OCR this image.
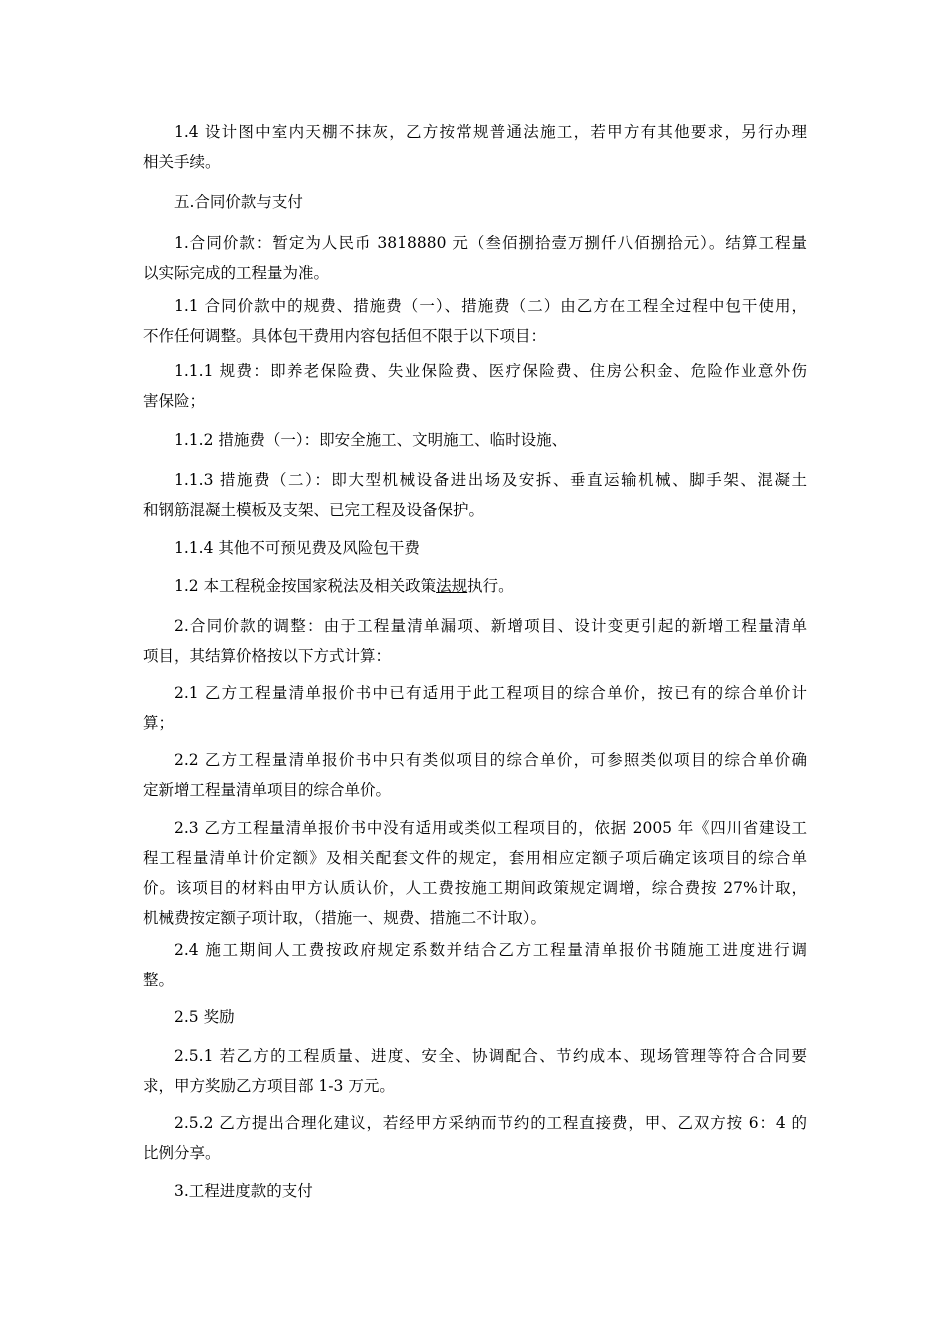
1.4 设计图中室内天棚不抹灰，乙方按常规普通法施工，若甲方有其他要求，另行办理
相关手续。
五.合同价款与支付
1.合同价款：暂定为人民币 3818880 元（叁佰捌拾壹万捌仟八佰捌拾元）。结算工程量
以实际完成的工程量为准。
1.1 合同价款中的规费、措施费（一）、措施费（二）由乙方在工程全过程中包干使用，
不作任何调整。具体包干费用内容包括但不限于以下项目：
1.1.1 规费：即养老保险费、失业保险费、医疗保险费、住房公积金、危险作业意外伤
害保险；
1.1.2 措施费（一）：即安全施工、文明施工、临时设施、
1.1.3 措施费（二）：即大型机械设备进出场及安拆、垂直运输机械、脚手架、混凝土
和钢筋混凝土模板及支架、已完工程及设备保护。
1.1.4 其他不可预见费及风险包干费
1.2 本工程税金按国家税法及相关政策法规执行。
2.合同价款的调整：由于工程量清单漏项、新增项目、设计变更引起的新增工程量清单
项目，其结算价格按以下方式计算：
2.1 乙方工程量清单报价书中已有适用于此工程项目的综合单价，按已有的综合单价计
算；
2.2 乙方工程量清单报价书中只有类似项目的综合单价，可参照类似项目的综合单价确
定新增工程量清单项目的综合单价。
2.3 乙方工程量清单报价书中没有适用或类似工程项目的，依据 2005 年《四川省建设工
程工程量清单计价定额》及相关配套文件的规定，套用相应定额子项后确定该项目的综合单
价。该项目的材料由甲方认质认价，人工费按施工期间政策规定调增，综合费按 27%计取，
机械费按定额子项计取，（措施一、规费、措施二不计取）。
2.4 施工期间人工费按政府规定系数并结合乙方工程量清单报价书随施工进度进行调
整。
2.5 奖励
2.5.1 若乙方的工程质量、进度、安全、协调配合、节约成本、现场管理等符合合同要
求，甲方奖励乙方项目部 1-3 万元。
2.5.2 乙方提出合理化建议，若经甲方采纳而节约的工程直接费，甲、乙双方按 6：4 的
比例分享。
3.工程进度款的支付
